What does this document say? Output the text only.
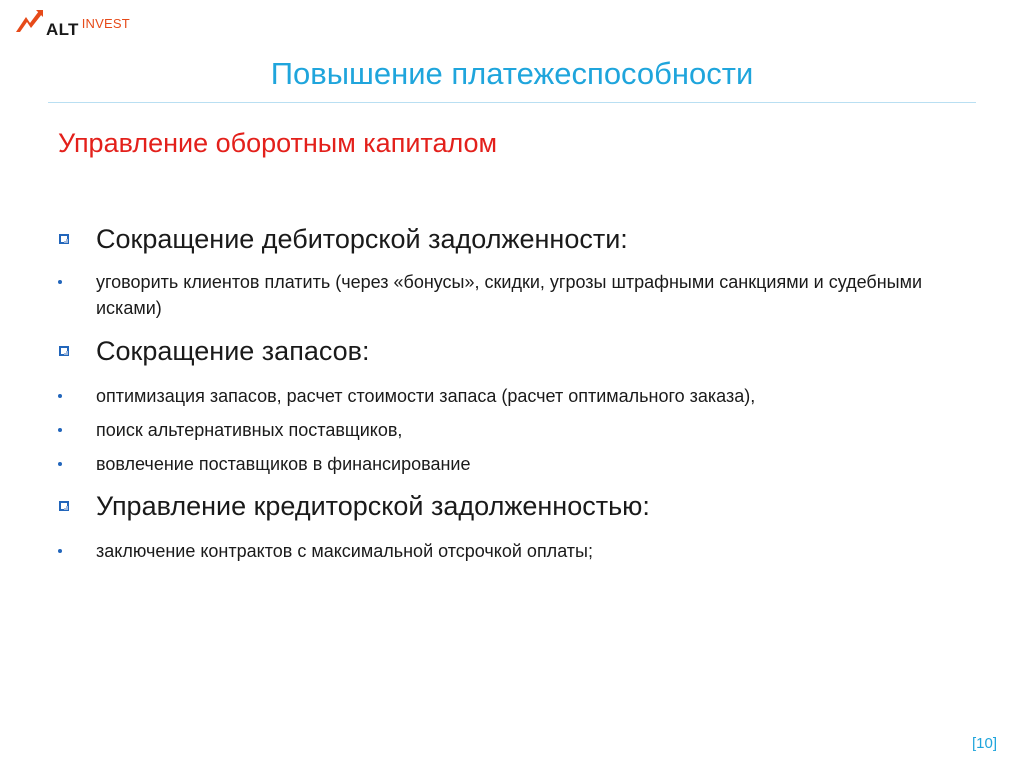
ALT INVEST
Повышение платежеспособности
Управление оборотным капиталом
Сокращение дебиторской задолженности:
уговорить клиентов платить (через «бонусы», скидки, угрозы штрафными санкциями и судебными исками)
Сокращение запасов:
оптимизация запасов, расчет стоимости запаса (расчет оптимального заказа),
поиск альтернативных поставщиков,
вовлечение поставщиков в финансирование
Управление кредиторской задолженностью:
заключение контрактов с максимальной отсрочкой оплаты;
[10]
